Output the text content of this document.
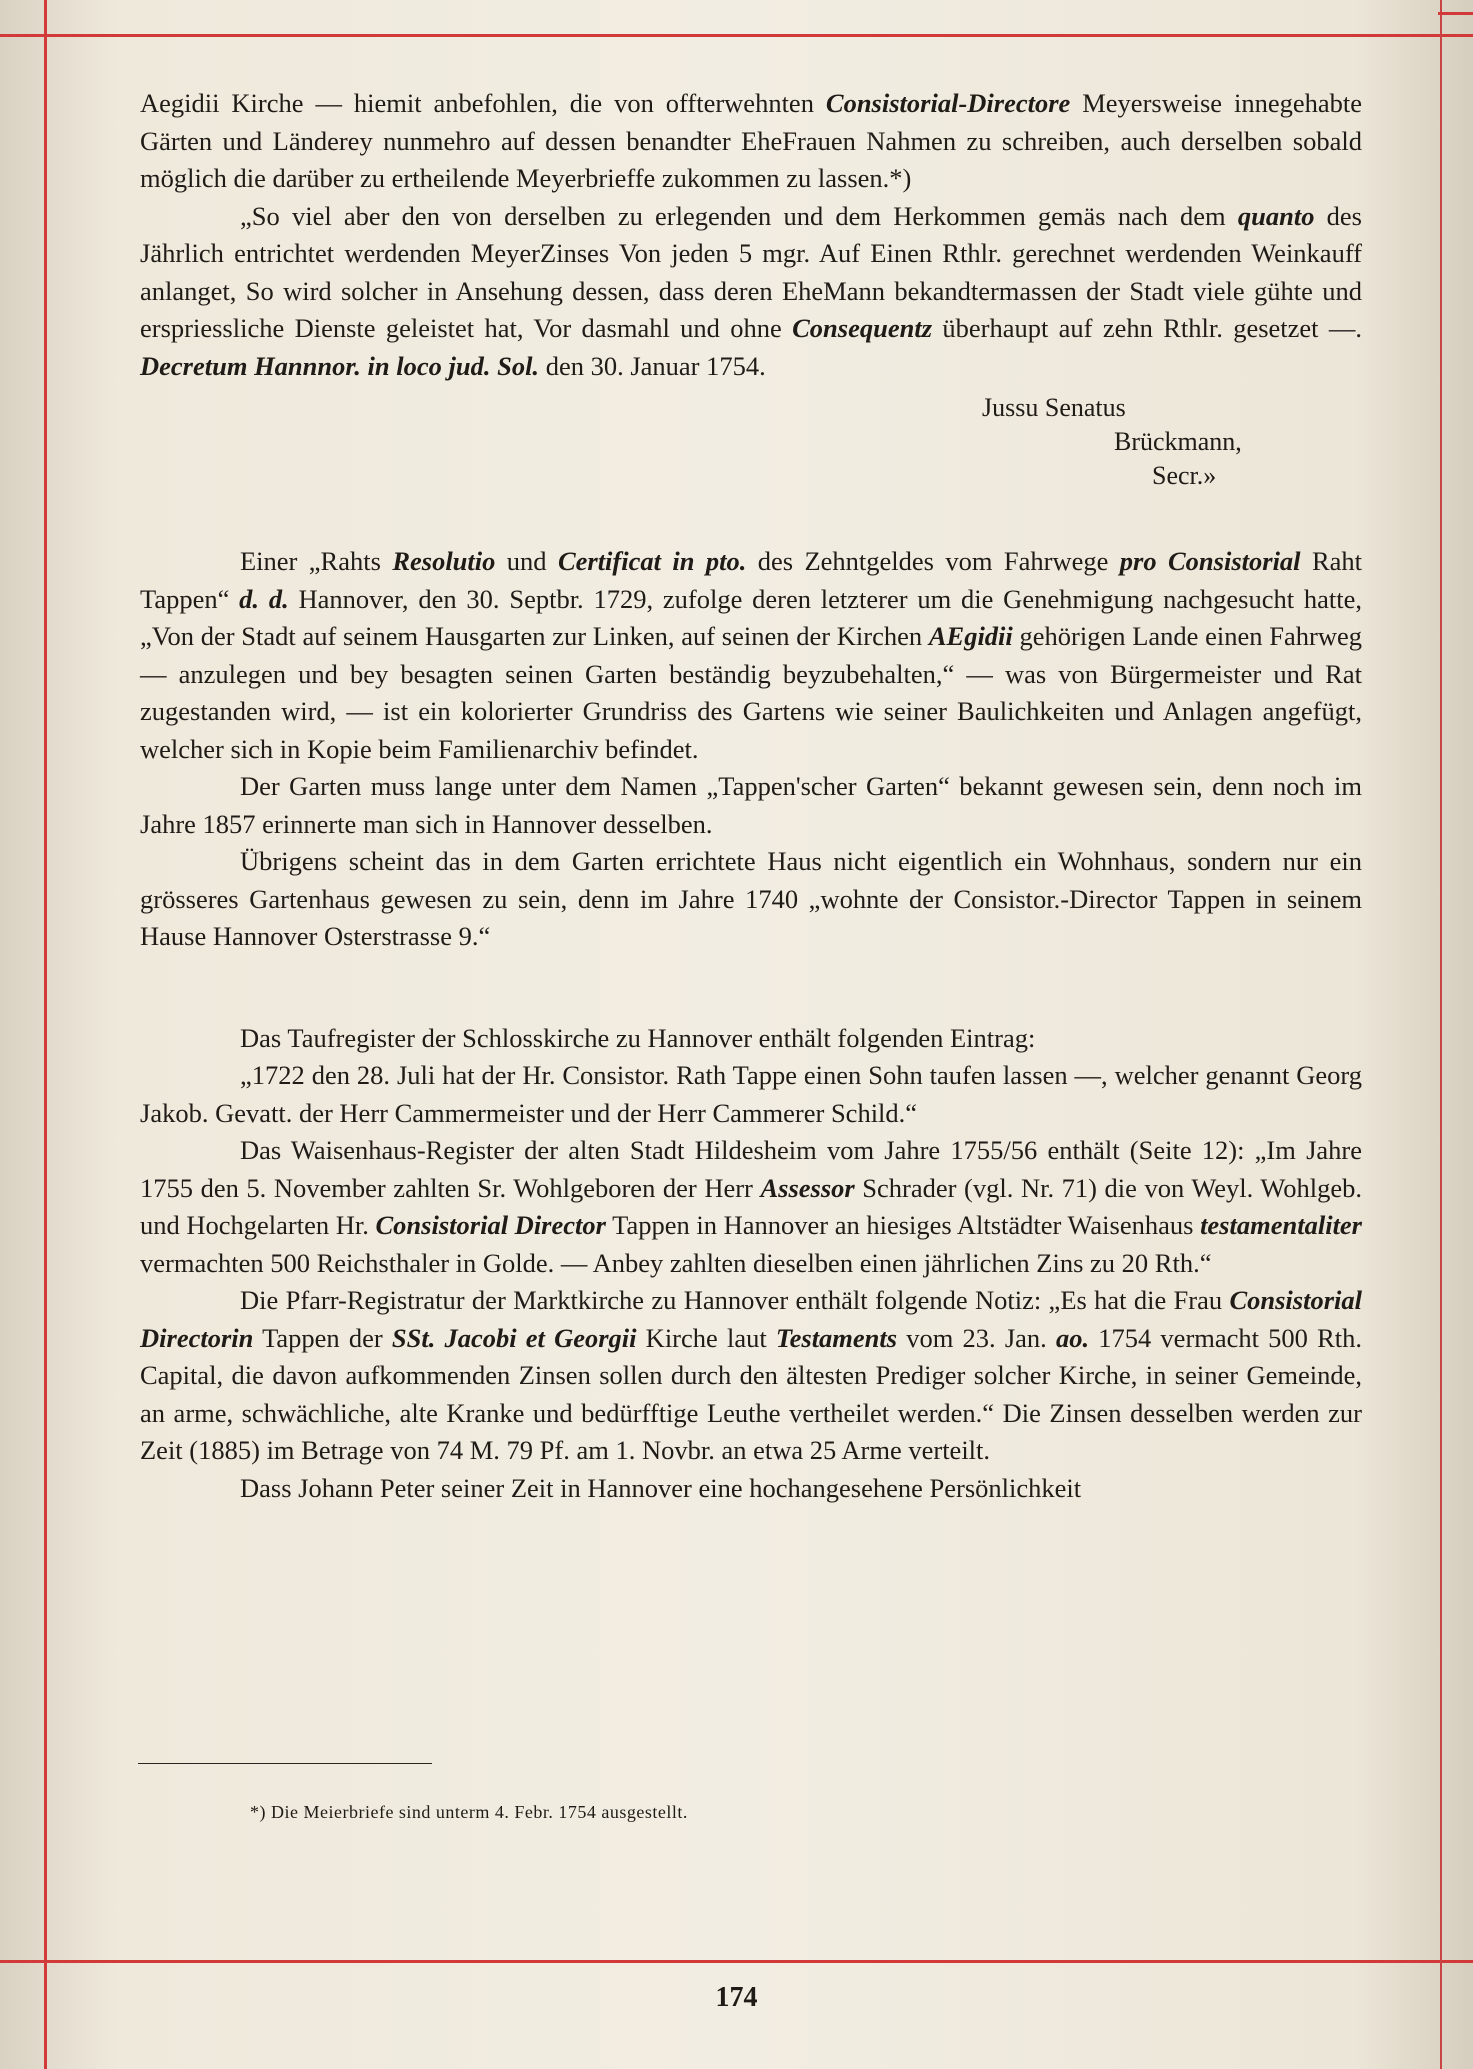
Aegidii Kirche — hiemit anbefohlen, die von offterwehnten Consistorial-Directore Meyersweise innegehabte Gärten und Länderey nunmehro auf dessen benandter EheFrauen Nahmen zu schreiben, auch derselben sobald möglich die darüber zu ertheilende Meyerbrieffe zukommen zu lassen.*)

„So viel aber den von derselben zu erlegenden und dem Herkommen gemäs nach dem quanto des Jährlich entrichtet werdenden MeyerZinses Von jeden 5 mgr. Auf Einen Rthlr. gerechnet werdenden Weinkauff anlanget, So wird solcher in Ansehung dessen, dass deren EheMann bekandtermassen der Stadt viele gühte und erspriessliche Dienste geleistet hat, Vor dasmahl und ohne Consequentz überhaupt auf zehn Rthlr. gesetzet —. Decretum Hannnor. in loco jud. Sol. den 30. Januar 1754.

Jussu Senatus
Brückmann,
Secr.»

Einer „Rahts Resolutio und Certificat in pto. des Zehntgeldes vom Fahrwege pro Consistorial Raht Tappen“ d. d. Hannover, den 30. Septbr. 1729, zufolge deren letzterer um die Genehmigung nachgesucht hatte, „Von der Stadt auf seinem Hausgarten zur Linken, auf seinen der Kirchen AEgidii gehörigen Lande einen Fahrweg — anzulegen und bey besagten seinen Garten beständig beyzubehalten,“ — was von Bürgermeister und Rat zugestanden wird, — ist ein kolorierter Grundriss des Gartens wie seiner Baulichkeiten und Anlagen angefügt, welcher sich in Kopie beim Familienarchiv befindet.

Der Garten muss lange unter dem Namen „Tappen'scher Garten“ bekannt gewesen sein, denn noch im Jahre 1857 erinnerte man sich in Hannover desselben.

Übrigens scheint das in dem Garten errichtete Haus nicht eigentlich ein Wohnhaus, sondern nur ein grösseres Gartenhaus gewesen zu sein, denn im Jahre 1740 „wohnte der Consistor.-Director Tappen in seinem Hause Hannover Osterstrasse 9.“

Das Taufregister der Schlosskirche zu Hannover enthält folgenden Eintrag:

„1722 den 28. Juli hat der Hr. Consistor. Rath Tappe einen Sohn taufen lassen —, welcher genannt Georg Jakob. Gevatt. der Herr Cammermeister und der Herr Cammerer Schild.“

Das Waisenhaus-Register der alten Stadt Hildesheim vom Jahre 1755/56 enthält (Seite 12): „Im Jahre 1755 den 5. November zahlten Sr. Wohlgeboren der Herr Assessor Schrader (vgl. Nr. 71) die von Weyl. Wohlgeb. und Hochgelarten Hr. Consistorial Director Tappen in Hannover an hiesiges Altstädter Waisenhaus testamentaliter vermachten 500 Reichsthaler in Golde. — Anbey zahlten dieselben einen jährlichen Zins zu 20 Rth.“

Die Pfarr-Registratur der Marktkirche zu Hannover enthält folgende Notiz: „Es hat die Frau Consistorial Directorin Tappen der SSt. Jacobi et Georgii Kirche laut Testaments vom 23. Jan. ao. 1754 vermacht 500 Rth. Capital, die davon aufkommenden Zinsen sollen durch den ältesten Prediger solcher Kirche, in seiner Gemeinde, an arme, schwächliche, alte Kranke und bedürfftige Leuthe vertheilet werden.“ Die Zinsen desselben werden zur Zeit (1885) im Betrage von 74 M. 79 Pf. am 1. Novbr. an etwa 25 Arme verteilt.

Dass Johann Peter seiner Zeit in Hannover eine hochangesehene Persönlichkeit

*) Die Meierbriefe sind unterm 4. Febr. 1754 ausgestellt.
174
